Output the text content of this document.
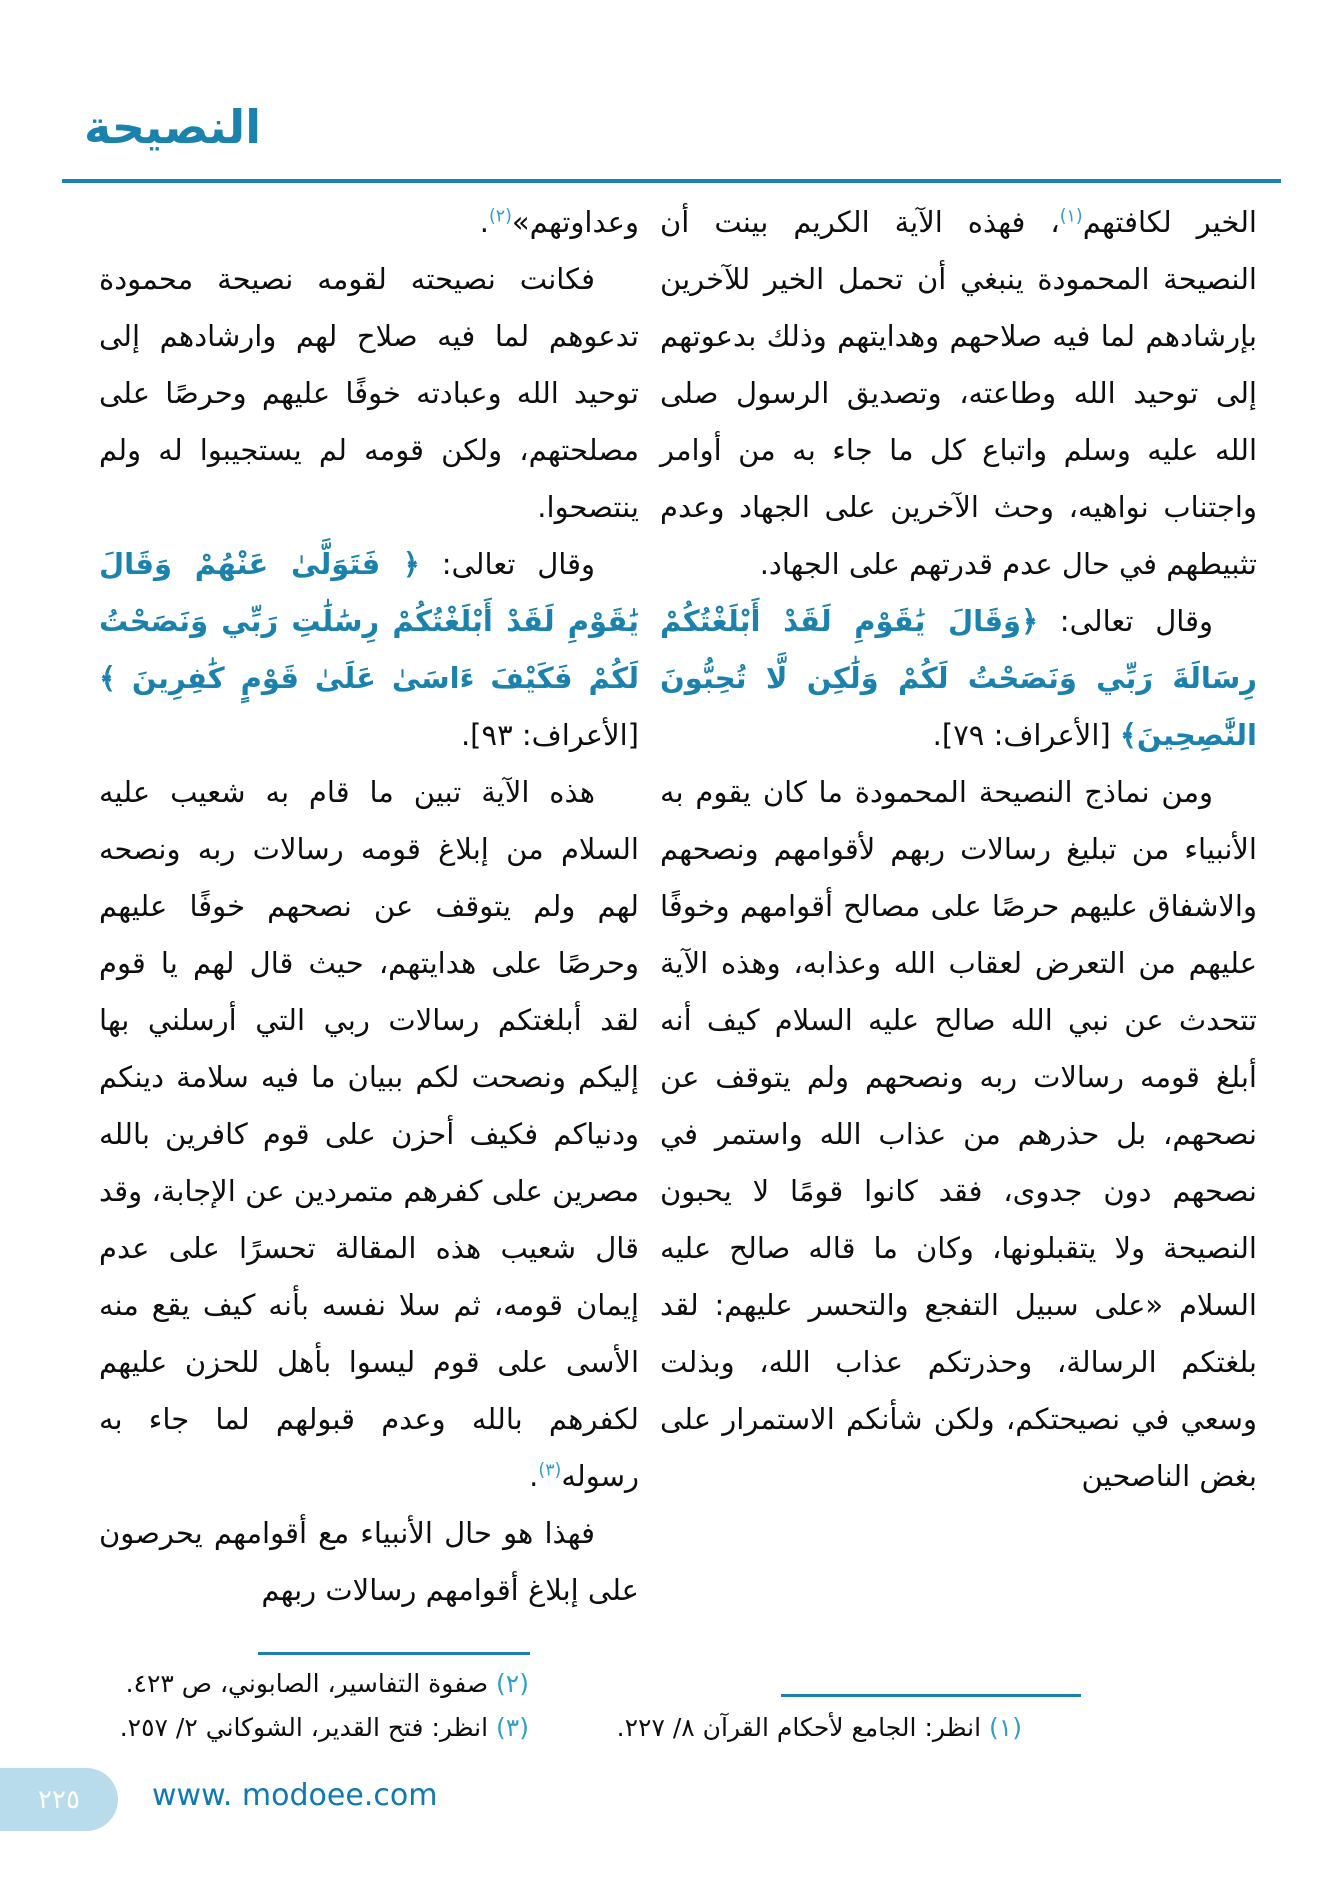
النصيحة

الخير لكافتهم$^{(١)}$، فهذه الآية الكريم بينت أن النصيحة المحمودة ينبغي أن تحمل الخير للآخرين بإرشادهم لما فيه صلاحهم وهدايتهم وذلك بدعوتهم إلى توحيد الله وطاعته، وتصديق الرسول صلى الله عليه وسلم واتباع كل ما جاء به من أوامر واجتناب نواهيه، وحث الآخرين على الجهاد وعدم تثبيطهم في حال عدم قدرتهم على الجهاد.

وقال تعالى: ﴿وَقَالَ يَٰقَوْمِ لَقَدْ أَبْلَغْتُكُمْ رِسَالَةَ رَبِّي وَنَصَحْتُ لَكُمْ وَلَٰكِن لَّا تُحِبُّونَ النَّٰصِحِينَ﴾ [الأعراف: ٧٩].

ومن نماذج النصيحة المحمودة ما كان يقوم به الأنبياء من تبليغ رسالات ربهم لأقوامهم ونصحهم والاشفاق عليهم حرصًا على مصالح أقوامهم وخوفًا عليهم من التعرض لعقاب الله وعذابه، وهذه الآية تتحدث عن نبي الله صالح عليه السلام كيف أنه أبلغ قومه رسالات ربه ونصحهم ولم يتوقف عن نصحهم، بل حذرهم من عذاب الله واستمر في نصحهم دون جدوى، فقد كانوا قومًا لا يحبون النصيحة ولا يتقبلونها، وكان ما قاله صالح عليه السلام «على سبيل التفجع والتحسر عليهم: لقد بلغتكم الرسالة، وحذرتكم عذاب الله، وبذلت وسعي في نصيحتكم، ولكن شأنكم الاستمرار على بغض الناصحين

وعداوتهم»$^{(٢)}$.

فكانت نصيحته لقومه نصيحة محمودة تدعوهم لما فيه صلاح لهم وارشادهم إلى توحيد الله وعبادته خوفًا عليهم وحرصًا على مصلحتهم، ولكن قومه لم يستجيبوا له ولم ينتصحوا.

وقال تعالى: ﴿ فَتَوَلَّىٰ عَنْهُمْ وَقَالَ يَٰقَوْمِ لَقَدْ أَبْلَغْتُكُمْ رِسَٰلَٰتِ رَبِّي وَنَصَحْتُ لَكُمْ فَكَيْفَ ءَاسَىٰ عَلَىٰ قَوْمٍ كَٰفِرِينَ ﴾ [الأعراف: ٩٣].

هذه الآية تبين ما قام به شعيب عليه السلام من إبلاغ قومه رسالات ربه ونصحه لهم ولم يتوقف عن نصحهم خوفًا عليهم وحرصًا على هدايتهم، حيث قال لهم يا قوم لقد أبلغتكم رسالات ربي التي أرسلني بها إليكم ونصحت لكم ببيان ما فيه سلامة دينكم ودنياكم فكيف أحزن على قوم كافرين بالله مصرين على كفرهم متمردين عن الإجابة، وقد قال شعيب هذه المقالة تحسرًا على عدم إيمان قومه، ثم سلا نفسه بأنه كيف يقع منه الأسى على قوم ليسوا بأهل للحزن عليهم لكفرهم بالله وعدم قبولهم لما جاء به رسوله$^{(٣)}$.

فهذا هو حال الأنبياء مع أقوامهم يحرصون على إبلاغ أقوامهم رسالات ربهم

(١) انظر: الجامع لأحكام القرآن ٨/ ٢٢٧.
(٢) صفوة التفاسير، الصابوني، ص ٤٢٣.
(٣) انظر: فتح القدير، الشوكاني ٢/ ٢٥٧.
٢٢٥ www. modoee.com
